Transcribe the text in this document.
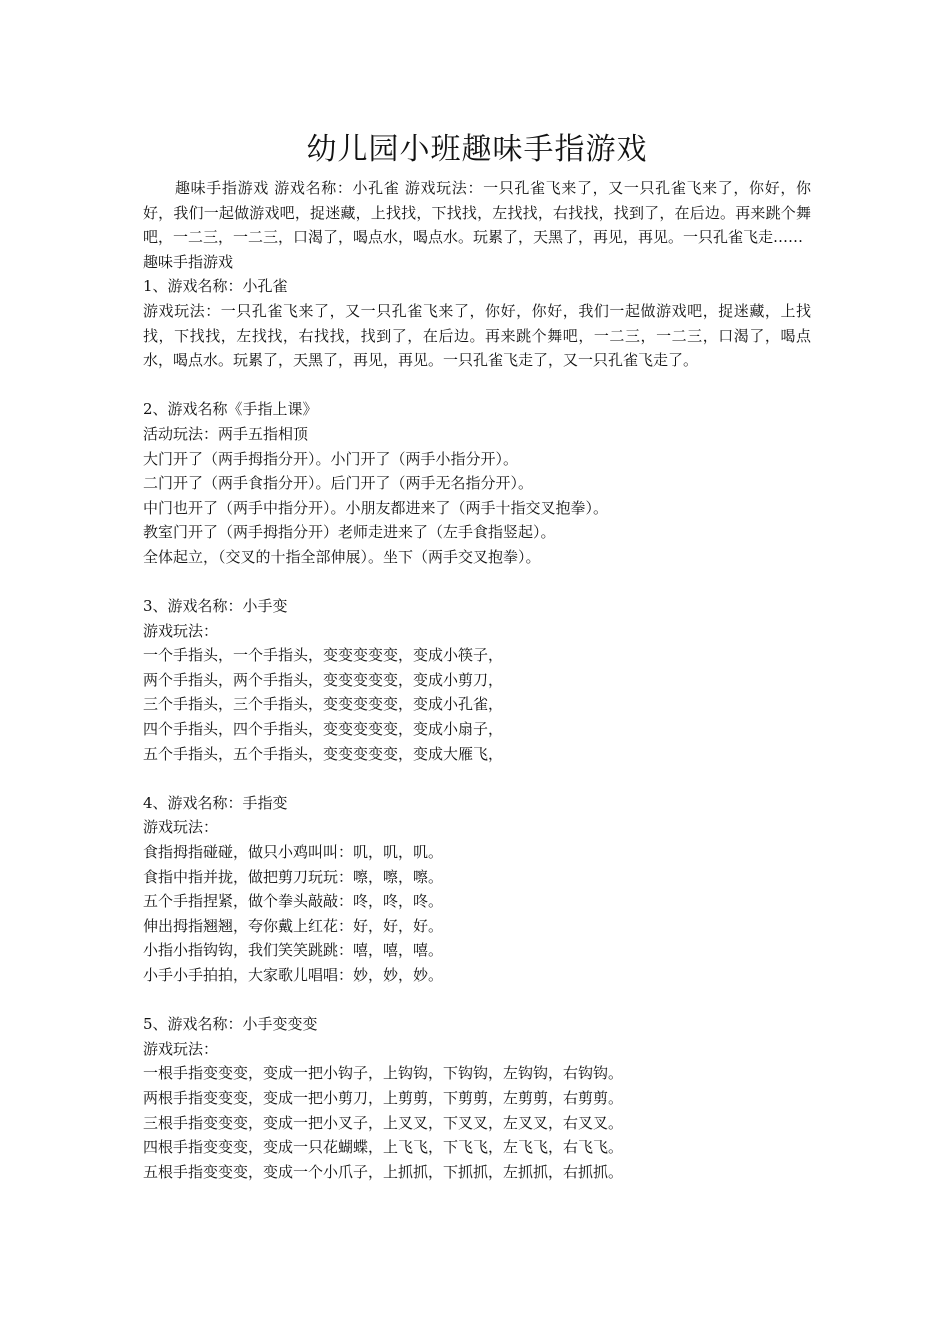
幼儿园小班趣味手指游戏

趣味手指游戏 游戏名称：小孔雀 游戏玩法：一只孔雀飞来了，又一只孔雀飞来了，你好，你好，我们一起做游戏吧，捉迷藏，上找找，下找找，左找找，右找找，找到了，在后边。再来跳个舞吧，一二三，一二三，口渴了，喝点水，喝点水。玩累了，天黑了，再见，再见。一只孔雀飞走……

趣味手指游戏

1、游戏名称：小孔雀

游戏玩法：一只孔雀飞来了，又一只孔雀飞来了，你好，你好，我们一起做游戏吧，捉迷藏，上找找，下找找，左找找，右找找，找到了，在后边。再来跳个舞吧，一二三，一二三，口渴了，喝点水，喝点水。玩累了，天黑了，再见，再见。一只孔雀飞走了，又一只孔雀飞走了。

2、游戏名称《手指上课》

活动玩法：两手五指相顶

大门开了（两手拇指分开）。小门开了（两手小指分开）。

二门开了（两手食指分开）。后门开了（两手无名指分开）。

中门也开了（两手中指分开）。小朋友都进来了（两手十指交叉抱拳）。

教室门开了（两手拇指分开）老师走进来了（左手食指竖起）。

全体起立，（交叉的十指全部伸展）。坐下（两手交叉抱拳）。

3、游戏名称：小手变

游戏玩法：

一个手指头，一个手指头，变变变变变，变成小筷子，

两个手指头，两个手指头，变变变变变，变成小剪刀，

三个手指头，三个手指头，变变变变变，变成小孔雀，

四个手指头，四个手指头，变变变变变，变成小扇子，

五个手指头，五个手指头，变变变变变，变成大雁飞，

4、游戏名称：手指变

游戏玩法：

食指拇指碰碰，做只小鸡叫叫：叽，叽，叽。

食指中指并拢，做把剪刀玩玩：嚓，嚓，嚓。

五个手指捏紧，做个拳头敲敲：咚，咚，咚。

伸出拇指翘翘，夸你戴上红花：好，好，好。

小指小指钩钩，我们笑笑跳跳：嘻，嘻，嘻。

小手小手拍拍，大家歌儿唱唱：妙，妙，妙。

5、游戏名称：小手变变变

游戏玩法：

一根手指变变变，变成一把小钩子，上钩钩，下钩钩，左钩钩，右钩钩。

两根手指变变变，变成一把小剪刀，上剪剪，下剪剪，左剪剪，右剪剪。

三根手指变变变，变成一把小叉子，上叉叉，下叉叉，左叉叉，右叉叉。

四根手指变变变，变成一只花蝴蝶，上飞飞，下飞飞，左飞飞，右飞飞。

五根手指变变变，变成一个小爪子，上抓抓，下抓抓，左抓抓，右抓抓。
